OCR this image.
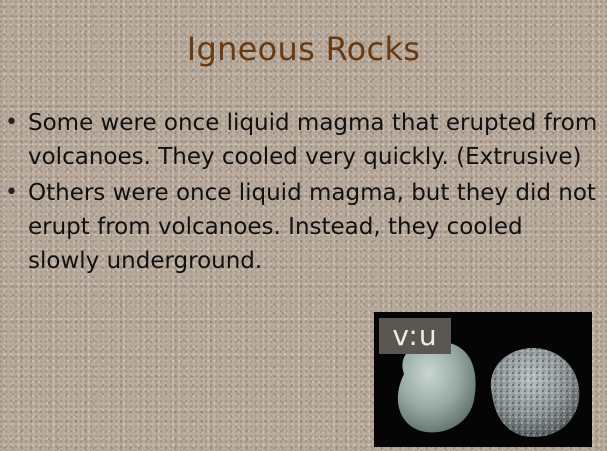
Igneous Rocks
• Some were once liquid magma that erupted from volcanoes. They cooled very quickly. (Extrusive)
• Others were once liquid magma, but they did not erupt from volcanoes. Instead, they cooled slowly underground.
v:u
